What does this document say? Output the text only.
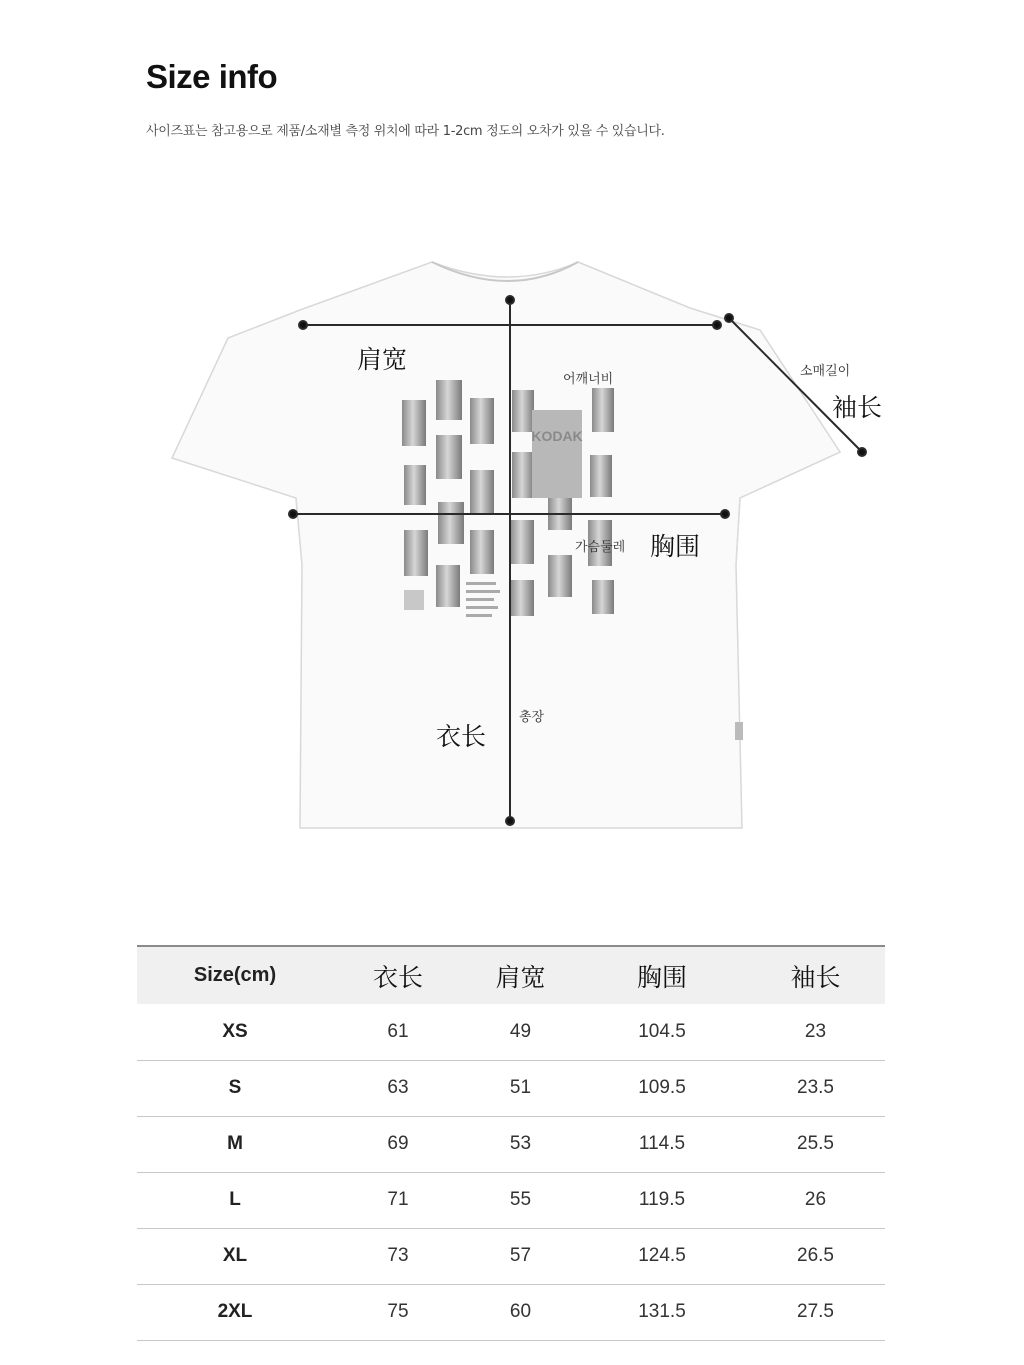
Size info
사이즈표는 참고용으로 제품/소재별 측정 위치에 따라 1-2cm 정도의 오차가 있을 수 있습니다.
KODAK
肩宽
어깨너비
소매길이
袖长
가슴둘레 胸围
총장
衣长
Size(cm)	衣长	肩宽	胸围	袖长
XS	61	49	104.5	23
S	63	51	109.5	23.5
M	69	53	114.5	25.5
L	71	55	119.5	26
XL	73	57	124.5	26.5
2XL	75	60	131.5	27.5
